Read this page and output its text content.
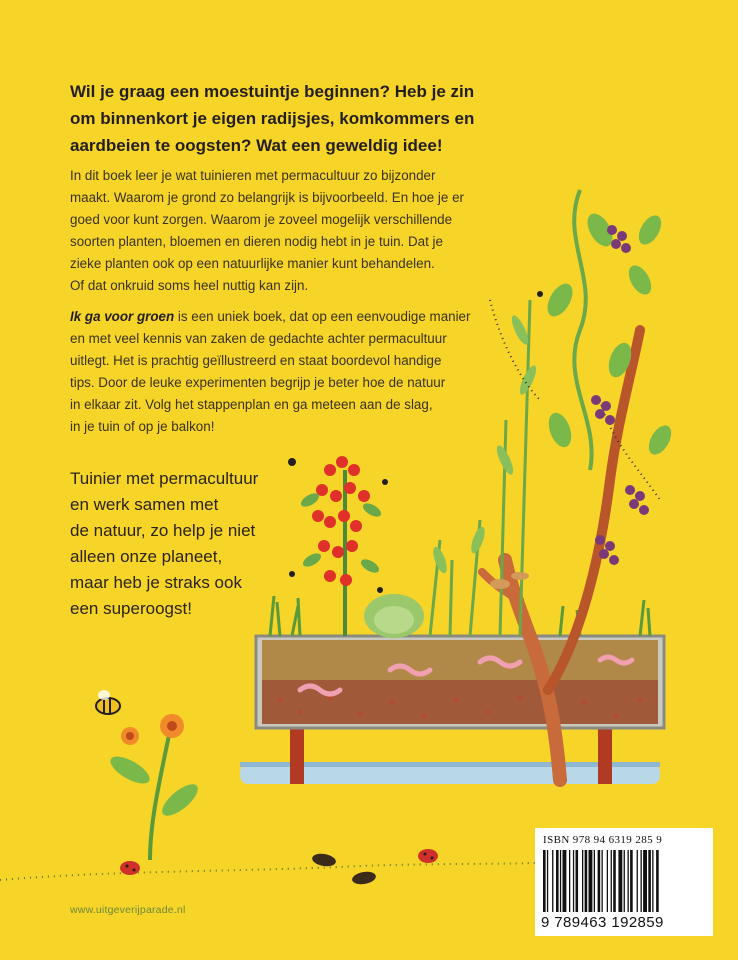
Wil je graag een moestuintje beginnen? Heb je zin om binnenkort je eigen radijsjes, komkommers en aardbeien te oogsten? Wat een geweldig idee!

In dit boek leer je wat tuinieren met permacultuur zo bijzonder
maakt. Waarom je grond zo belangrijk is bijvoorbeeld. En hoe je er
goed voor kunt zorgen. Waarom je zoveel mogelijk verschillende
soorten planten, bloemen en dieren nodig hebt in je tuin. Dat je
zieke planten ook op een natuurlijke manier kunt behandelen.
Of dat onkruid soms heel nuttig kan zijn.

Ik ga voor groen is een uniek boek, dat op een eenvoudige manier
en met veel kennis van zaken de gedachte achter permacultuur
uitlegt. Het is prachtig geïllustreerd en staat boordevol handige
tips. Door de leuke experimenten begrijp je beter hoe de natuur
in elkaar zit. Volg het stappenplan en ga meteen aan de slag,
in je tuin of op je balkon!

Tuinier met permacultuur
en werk samen met
de natuur, zo help je niet
alleen onze planeet,
maar heb je straks ook
een superoogst!

ISBN 978 94 6319 285 9
9 789463 192859
www.uitgeverijparade.nl
